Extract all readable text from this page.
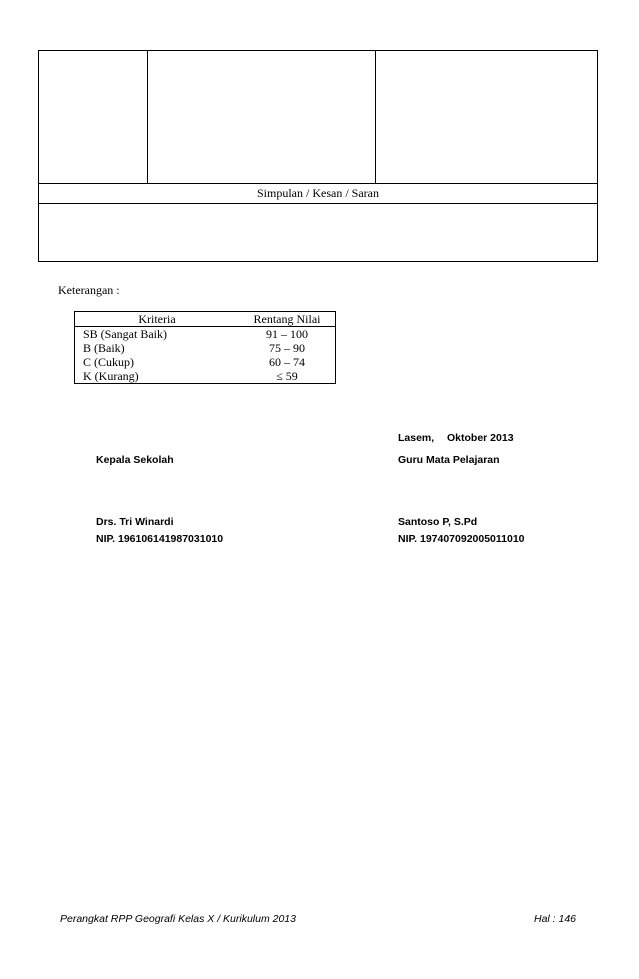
Simpulan / Kesan / Saran
Keterangan :
Kriteria	Rentang Nilai
SB (Sangat Baik)	91 – 100
B (Baik)	75 – 90
C (Cukup)	60 – 74
K (Kurang)	≤ 59
Lasem, Oktober 2013
Kepala Sekolah	Guru Mata Pelajaran
Drs. Tri Winardi	Santoso P, S.Pd
NIP. 196106141987031010	NIP. 197407092005011010
Perangkat RPP Geografi Kelas X / Kurikulum 2013	Hal : 146
